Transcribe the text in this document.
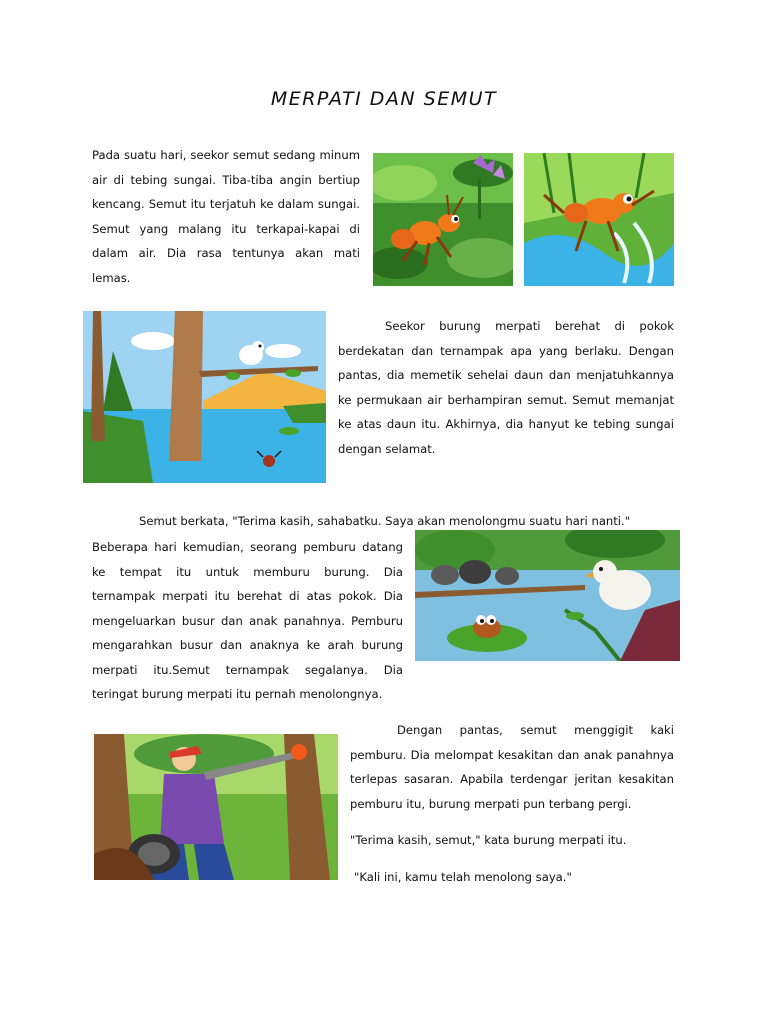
MERPATI DAN SEMUT

Pada suatu hari, seekor semut sedang minum air di tebing sungai. Tiba-tiba angin bertiup kencang. Semut itu terjatuh ke dalam sungai. Semut yang malang itu terkapai-kapai di dalam air. Dia rasa tentunya akan mati lemas.

Seekor burung merpati berehat di pokok berdekatan dan ternampak apa yang berlaku. Dengan pantas, dia memetik sehelai daun dan menjatuhkannya ke permukaan air berhampiran semut. Semut memanjat ke atas daun itu. Akhirnya, dia hanyut ke tebing sungai dengan selamat.

Semut berkata, "Terima kasih, sahabatku. Saya akan menolongmu suatu hari nanti."

Beberapa hari kemudian, seorang pemburu datang ke tempat itu untuk memburu burung. Dia ternampak merpati itu berehat di atas pokok. Dia mengeluarkan busur dan anak panahnya. Pemburu mengarahkan busur dan anaknya ke arah burung merpati itu.Semut ternampak segalanya. Dia teringat burung merpati itu pernah menolongnya.

Dengan pantas, semut menggigit kaki pemburu. Dia melompat kesakitan dan anak panahnya terlepas sasaran. Apabila terdengar jeritan kesakitan pemburu itu, burung merpati pun terbang pergi.

"Terima kasih, semut," kata burung merpati itu.

"Kali ini, kamu telah menolong saya."
